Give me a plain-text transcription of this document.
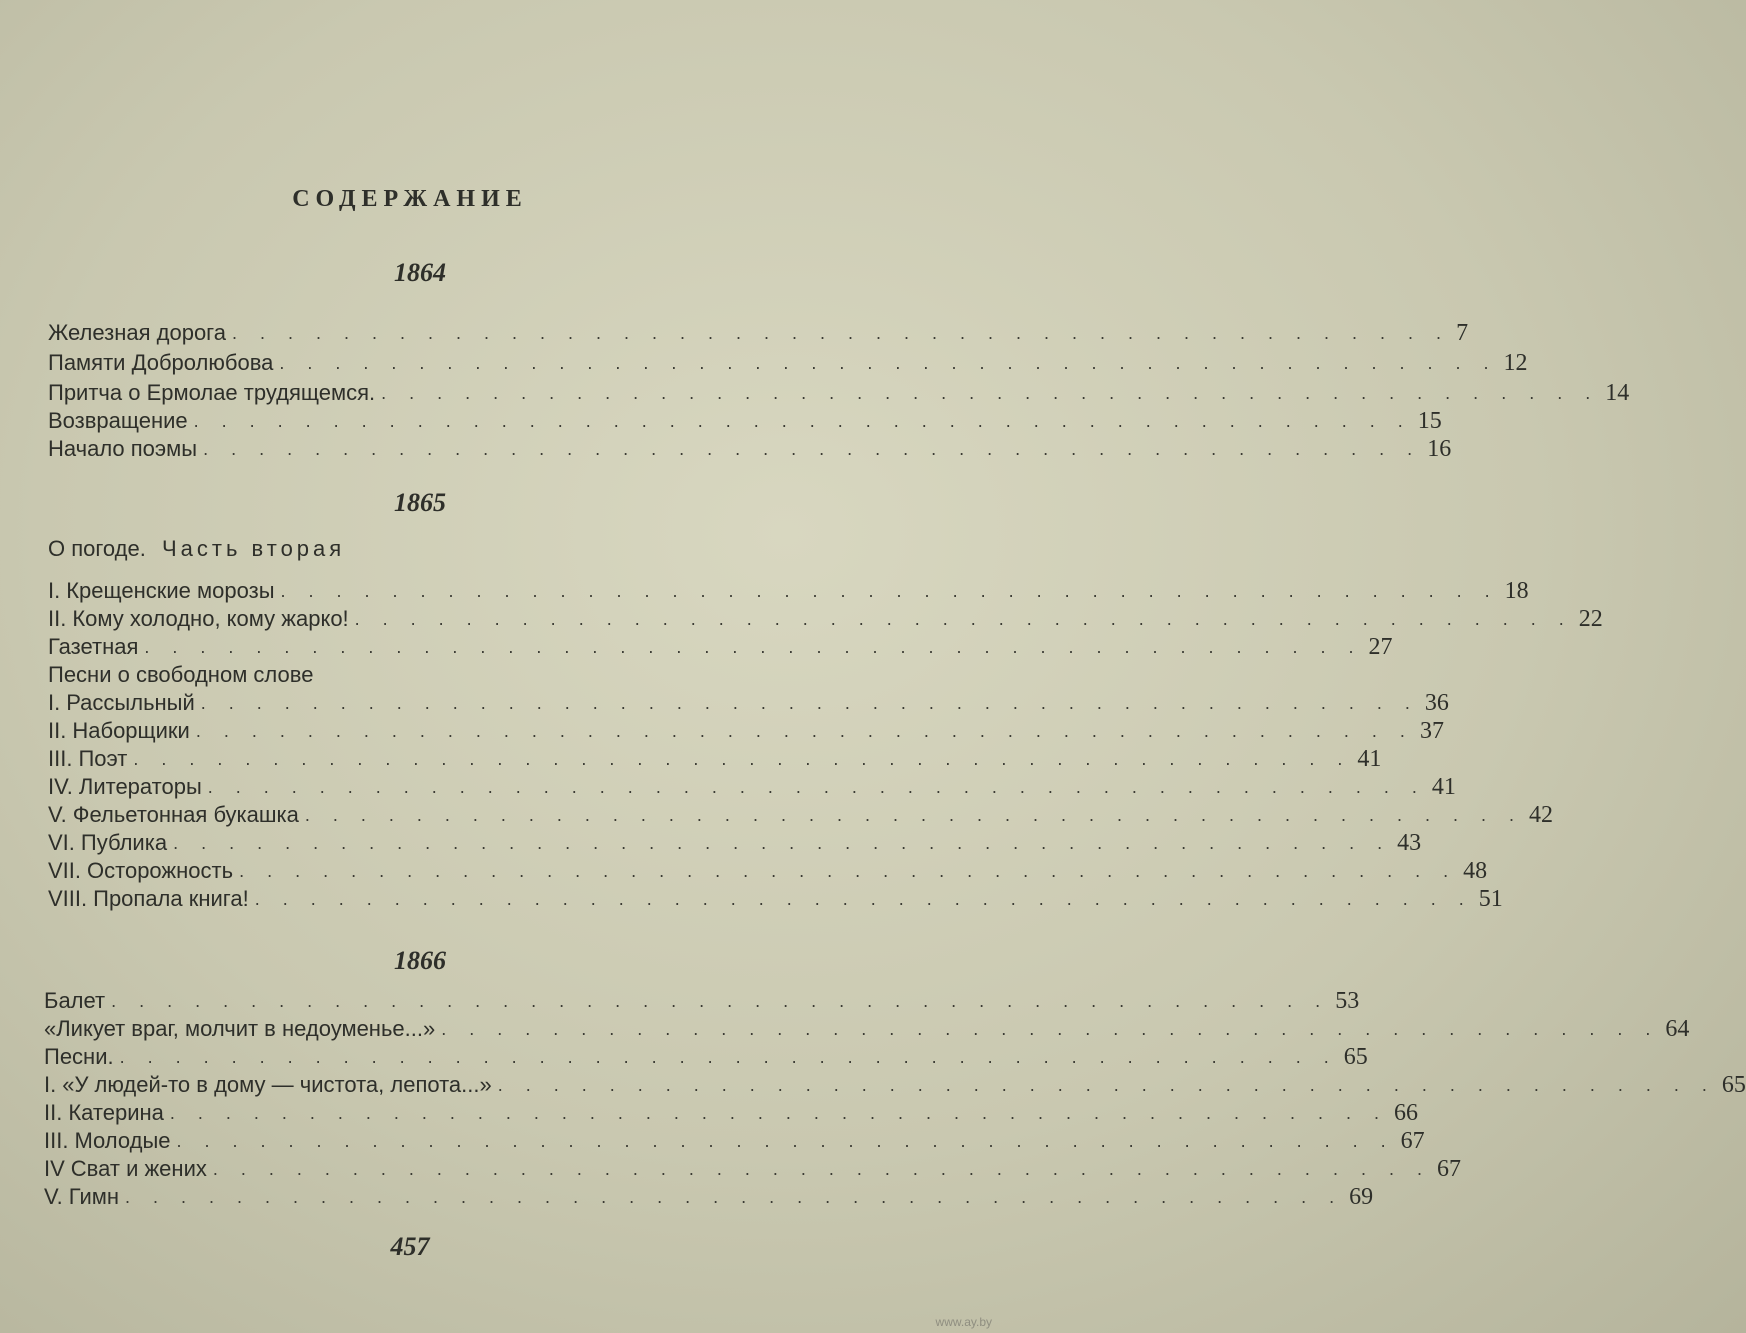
СОДЕРЖАНИЕ
1864
Железная дорога . . . . . . . . . . . . . . . . . . . . . . . . . . . . . . . . . . . . . . . . . . . . 7
Памяти Добролюбова . . . . . . . . . . . . . . . . . . . . . . . . . . . . . . . . . . . . . . . . . . . . 12
Притча о Ермолае трудящемся. . . . . . . . . . . . . . . . . . . . . . . . . . . . . . . . . . . . . . . . . . . . . 14
Возвращение . . . . . . . . . . . . . . . . . . . . . . . . . . . . . . . . . . . . . . . . . . . . 15
Начало поэмы . . . . . . . . . . . . . . . . . . . . . . . . . . . . . . . . . . . . . . . . . . . . 16
1865
О погоде. Часть вторая
I. Крещенские морозы . . . . . . . . . . . . . . . . . . . . . . . . . . . . . . . . . . . . . . . . . . . . 18
II. Кому холодно, кому жарко! . . . . . . . . . . . . . . . . . . . . . . . . . . . . . . . . . . . . . . . . . . . . 22
Газетная . . . . . . . . . . . . . . . . . . . . . . . . . . . . . . . . . . . . . . . . . . . . 27
Песни о свободном слове
I. Рассыльный . . . . . . . . . . . . . . . . . . . . . . . . . . . . . . . . . . . . . . . . . . . . 36
II. Наборщики . . . . . . . . . . . . . . . . . . . . . . . . . . . . . . . . . . . . . . . . . . . . 37
III. Поэт . . . . . . . . . . . . . . . . . . . . . . . . . . . . . . . . . . . . . . . . . . . . 41
IV. Литераторы . . . . . . . . . . . . . . . . . . . . . . . . . . . . . . . . . . . . . . . . . . . . 41
V. Фельетонная букашка . . . . . . . . . . . . . . . . . . . . . . . . . . . . . . . . . . . . . . . . . . . . 42
VI. Публика . . . . . . . . . . . . . . . . . . . . . . . . . . . . . . . . . . . . . . . . . . . . 43
VII. Осторожность . . . . . . . . . . . . . . . . . . . . . . . . . . . . . . . . . . . . . . . . . . . . 48
VIII. Пропала книга! . . . . . . . . . . . . . . . . . . . . . . . . . . . . . . . . . . . . . . . . . . . . 51
1866
Балет . . . . . . . . . . . . . . . . . . . . . . . . . . . . . . . . . . . . . . . . . . . . 53
«Ликует враг, молчит в недоуменье...» . . . . . . . . . . . . . . . . . . . . . . . . . . . . . . . . . . . . . . . . . . . . 64
Песни. . . . . . . . . . . . . . . . . . . . . . . . . . . . . . . . . . . . . . . . . . . . . 65
I. «У людей-то в дому — чистота, лепота...» . . . . . . . . . . . . . . . . . . . . . . . . . . . . . . . . . . . . . . . . . . . . 65
II. Катерина . . . . . . . . . . . . . . . . . . . . . . . . . . . . . . . . . . . . . . . . . . . . 66
III. Молодые . . . . . . . . . . . . . . . . . . . . . . . . . . . . . . . . . . . . . . . . . . . . 67
IV Сват и жених . . . . . . . . . . . . . . . . . . . . . . . . . . . . . . . . . . . . . . . . . . . . 67
V. Гимн . . . . . . . . . . . . . . . . . . . . . . . . . . . . . . . . . . . . . . . . . . . . 69
457
www.ay.by
